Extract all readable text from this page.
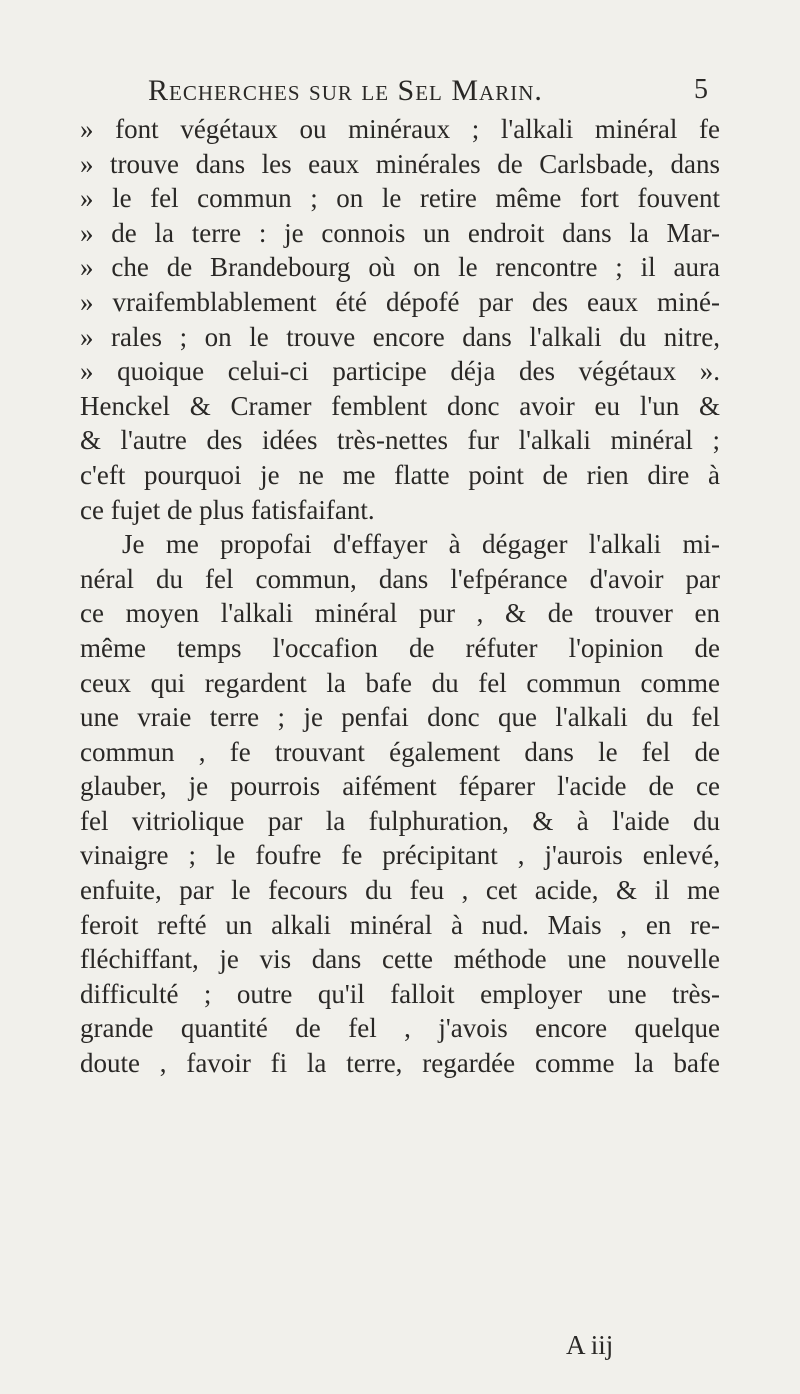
Recherches sur le Sel Marin.	5
» font végétaux ou minéraux ; l'alkali minéral fe
» trouve dans les eaux minérales de Carlsbade, dans
» le fel commun ; on le retire même fort fouvent
» de la terre : je connois un endroit dans la Mar-
» che de Brandebourg où on le rencontre ; il aura
» vraifemblablement été dépofé par des eaux miné-
» rales ; on le trouve encore dans l'alkali du nitre,
» quoique celui-ci participe déja des végétaux ».
Henckel & Cramer femblent donc avoir eu l'un &
& l'autre des idées très-nettes fur l'alkali minéral ;
c'eft pourquoi je ne me flatte point de rien dire à
ce fujet de plus fatisfaifant.
Je me propofai d'effayer à dégager l'alkali mi-
néral du fel commun, dans l'efpérance d'avoir par
ce moyen l'alkali minéral pur , & de trouver en
même temps l'occafion de réfuter l'opinion de
ceux qui regardent la bafe du fel commun comme
une vraie terre ; je penfai donc que l'alkali du fel
commun , fe trouvant également dans le fel de
glauber, je pourrois aifément féparer l'acide de ce
fel vitriolique par la fulphuration, & à l'aide du
vinaigre ; le foufre fe précipitant , j'aurois enlevé,
enfuite, par le fecours du feu , cet acide, & il me
feroit refté un alkali minéral à nud. Mais , en re-
fléchiffant, je vis dans cette méthode une nouvelle
difficulté ; outre qu'il falloit employer une très-
grande quantité de fel , j'avois encore quelque
doute , favoir fi la terre, regardée comme la bafe
A iij
